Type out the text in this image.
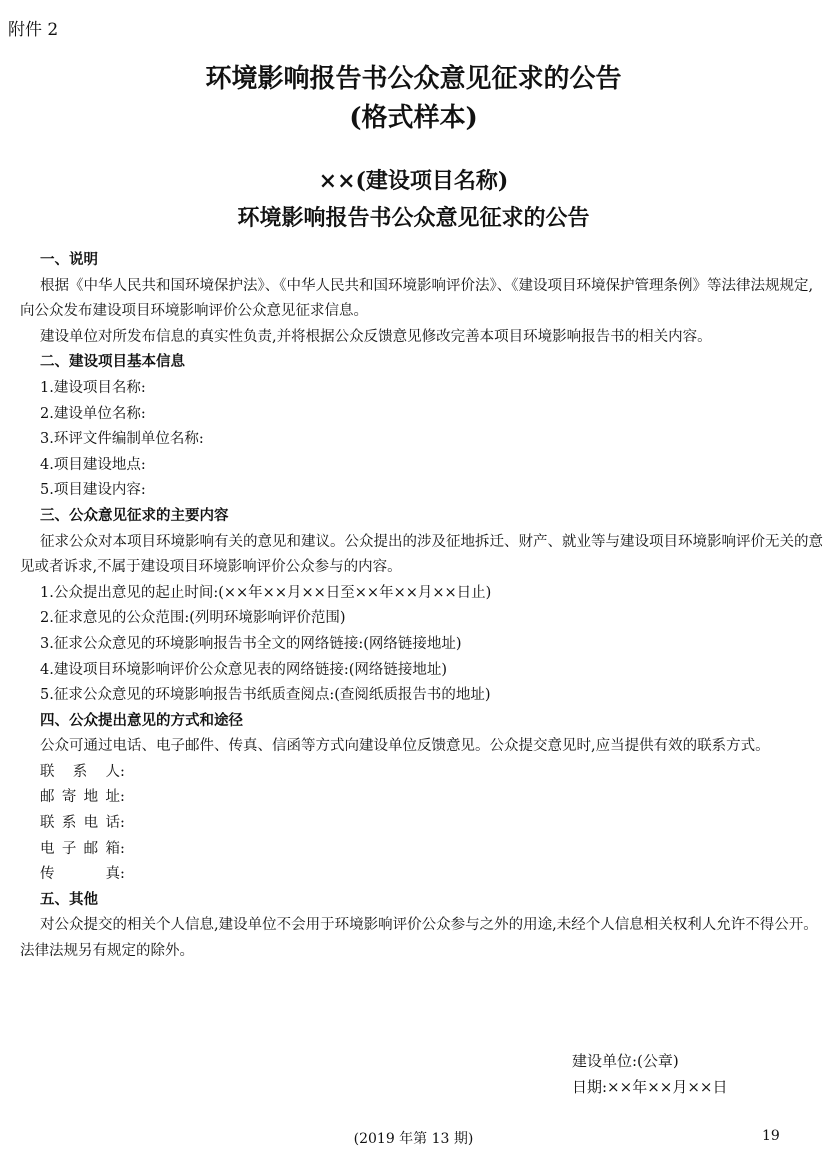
附件 2
环境影响报告书公众意见征求的公告
(格式样本)
××(建设项目名称)
环境影响报告书公众意见征求的公告
一、说明

根据《中华人民共和国环境保护法》、《中华人民共和国环境影响评价法》、《建设项目环境保护管理条例》等法律法规规定,向公众发布建设项目环境影响评价公众意见征求信息。

建设单位对所发布信息的真实性负责,并将根据公众反馈意见修改完善本项目环境影响报告书的相关内容。

二、建设项目基本信息

1.建设项目名称:

2.建设单位名称:

3.环评文件编制单位名称:

4.项目建设地点:

5.项目建设内容:

三、公众意见征求的主要内容

征求公众对本项目环境影响有关的意见和建议。公众提出的涉及征地拆迁、财产、就业等与建设项目环境影响评价无关的意见或者诉求,不属于建设项目环境影响评价公众参与的内容。

1.公众提出意见的起止时间:(××年××月××日至××年××月××日止)

2.征求意见的公众范围:(列明环境影响评价范围)

3.征求公众意见的环境影响报告书全文的网络链接:(网络链接地址)

4.建设项目环境影响评价公众意见表的网络链接:(网络链接地址)

5.征求公众意见的环境影响报告书纸质查阅点:(查阅纸质报告书的地址)

四、公众提出意见的方式和途径

公众可通过电话、电子邮件、传真、信函等方式向建设单位反馈意见。公众提交意见时,应当提供有效的联系方式。

联系人:

邮寄地址:

联系电话:

电子邮箱:

传真:

五、其他

对公众提交的相关个人信息,建设单位不会用于环境影响评价公众参与之外的用途,未经个人信息相关权利人允许不得公开。法律法规另有规定的除外。

建设单位:(公章)
日期:××年××月××日
(2019 年第 13 期)	19
